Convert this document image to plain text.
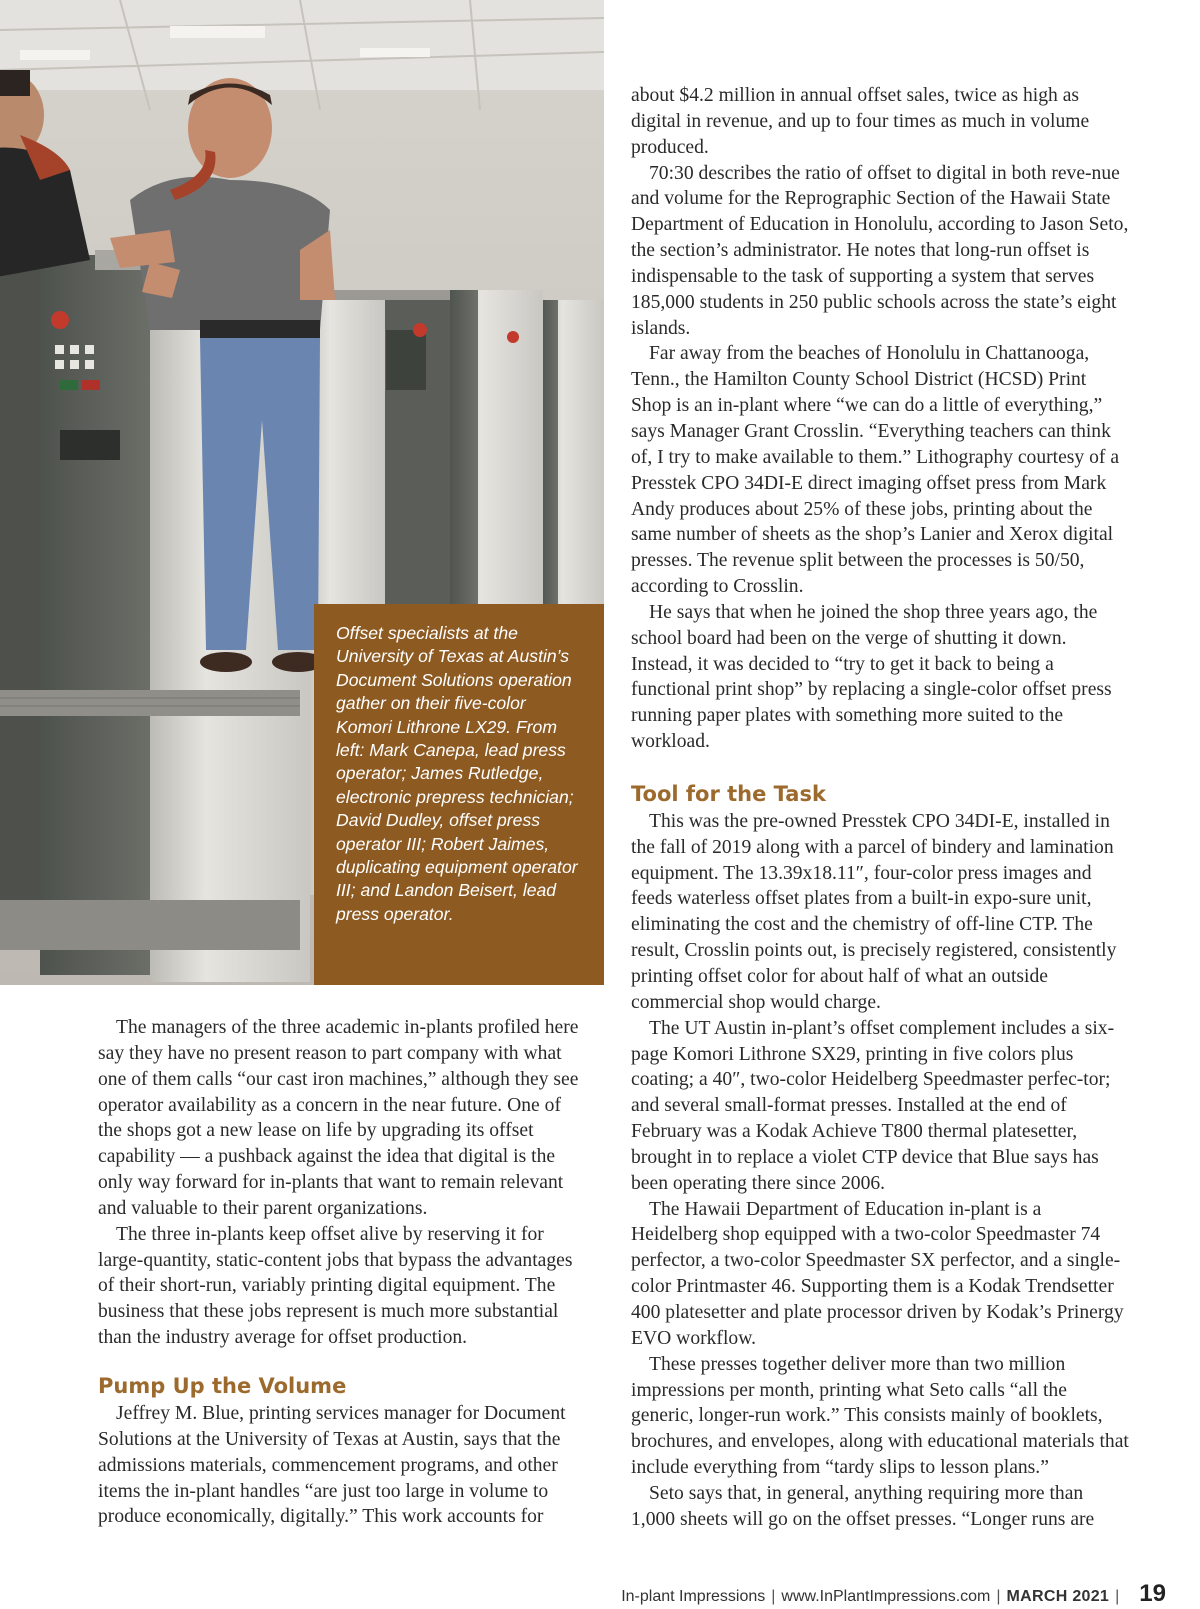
Offset specialists at the University of Texas at Austin’s Document Solutions operation gather on their five-color Komori Lithrone LX29. From left: Mark Canepa, lead press operator; James Rutledge, electronic prepress technician; David Dudley, offset press operator III; Robert Jaimes, duplicating equipment operator III; and Landon Beisert, lead press operator.

about $4.2 million in annual offset sales, twice as high as digital in revenue, and up to four times as much in volume produced.

70:30 describes the ratio of offset to digital in both reve-nue and volume for the Reprographic Section of the Hawaii State Department of Education in Honolulu, according to Jason Seto, the section’s administrator. He notes that long-run offset is indispensable to the task of supporting a system that serves 185,000 students in 250 public schools across the state’s eight islands.

Far away from the beaches of Honolulu in Chattanooga, Tenn., the Hamilton County School District (HCSD) Print Shop is an in-plant where “we can do a little of everything,” says Manager Grant Crosslin. “Everything teachers can think of, I try to make available to them.” Lithography courtesy of a Presstek CPO 34DI-E direct imaging offset press from Mark Andy produces about 25% of these jobs, printing about the same number of sheets as the shop’s Lanier and Xerox digital presses. The revenue split between the processes is 50/50, according to Crosslin.

He says that when he joined the shop three years ago, the school board had been on the verge of shutting it down. Instead, it was decided to “try to get it back to being a functional print shop” by replacing a single-color offset press running paper plates with something more suited to the workload.

Tool for the Task

This was the pre-owned Presstek CPO 34DI-E, installed in the fall of 2019 along with a parcel of bindery and lamination equipment. The 13.39x18.11″, four-color press images and feeds waterless offset plates from a built-in expo-sure unit, eliminating the cost and the chemistry of off-line CTP. The result, Crosslin points out, is precisely registered, consistently printing offset color for about half of what an outside commercial shop would charge.

The UT Austin in-plant’s offset complement includes a six-page Komori Lithrone SX29, printing in five colors plus coating; a 40″, two-color Heidelberg Speedmaster perfec-tor; and several small-format presses. Installed at the end of February was a Kodak Achieve T800 thermal platesetter, brought in to replace a violet CTP device that Blue says has been operating there since 2006.

The Hawaii Department of Education in-plant is a Heidelberg shop equipped with a two-color Speedmaster 74 perfector, a two-color Speedmaster SX perfector, and a single-color Printmaster 46. Supporting them is a Kodak Trendsetter 400 platesetter and plate processor driven by Kodak’s Prinergy EVO workflow.

These presses together deliver more than two million impressions per month, printing what Seto calls “all the generic, longer-run work.” This consists mainly of booklets, brochures, and envelopes, along with educational materials that include everything from “tardy slips to lesson plans.”

Seto says that, in general, anything requiring more than 1,000 sheets will go on the offset presses. “Longer runs are

The managers of the three academic in-plants profiled here say they have no present reason to part company with what one of them calls “our cast iron machines,” although they see operator availability as a concern in the near future. One of the shops got a new lease on life by upgrading its offset capability — a pushback against the idea that digital is the only way forward for in-plants that want to remain relevant and valuable to their parent organizations.

The three in-plants keep offset alive by reserving it for large-quantity, static-content jobs that bypass the advantages of their short-run, variably printing digital equipment. The business that these jobs represent is much more substantial than the industry average for offset production.

Pump Up the Volume

Jeffrey M. Blue, printing services manager for Document Solutions at the University of Texas at Austin, says that the admissions materials, commencement programs, and other items the in-plant handles “are just too large in volume to produce economically, digitally.” This work accounts for

In-plant Impressions | www.InPlantImpressions.com | MARCH 2021 | 19
